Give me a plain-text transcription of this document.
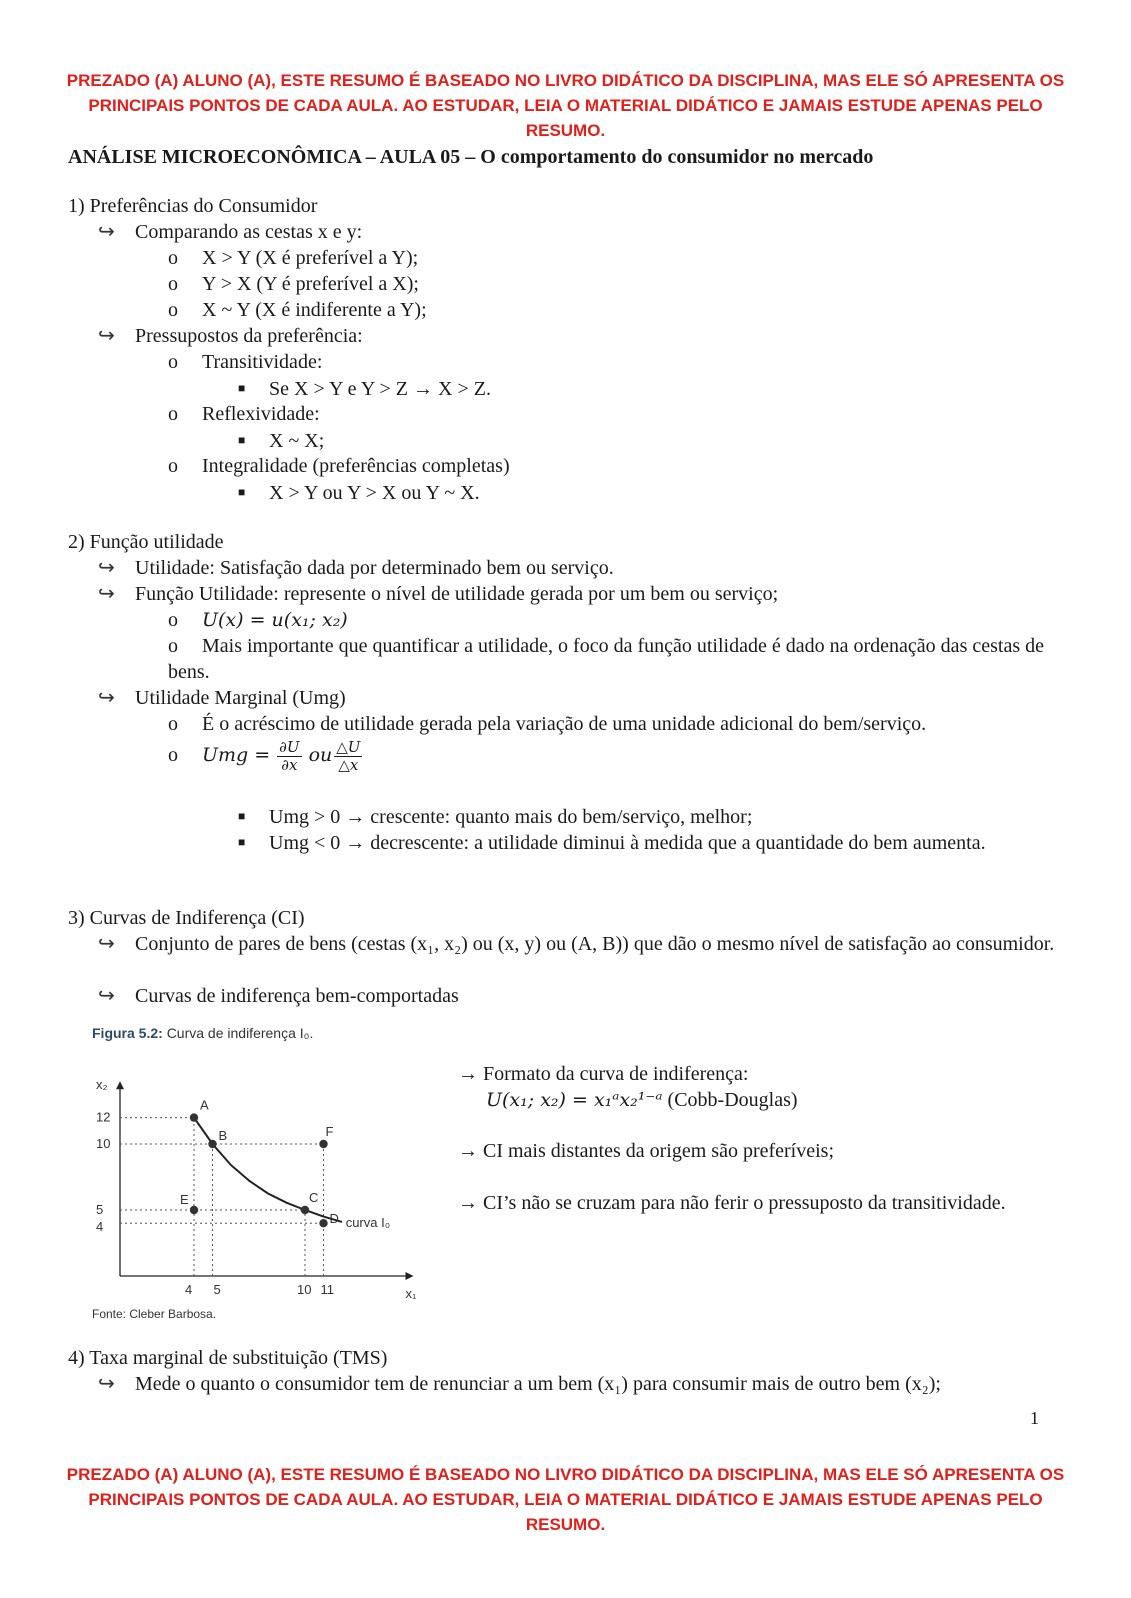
PREZADO (A) ALUNO (A), ESTE RESUMO É BASEADO NO LIVRO DIDÁTICO DA DISCIPLINA, MAS ELE SÓ APRESENTA OS PRINCIPAIS PONTOS DE CADA AULA. AO ESTUDAR, LEIA O MATERIAL DIDÁTICO E JAMAIS ESTUDE APENAS PELO RESUMO.
ANÁLISE MICROECONÔMICA – AULA 05 – O comportamento do consumidor no mercado
1) Preferências do Consumidor
↪ Comparando as cestas x e y:
o X > Y (X é preferível a Y);
o Y > X (Y é preferível a X);
o X ~ Y (X é indiferente a Y);
↪ Pressupostos da preferência:
o Transitividade:
■ Se X > Y e Y > Z → X > Z.
o Reflexividade:
■ X ~ X;
o Integralidade (preferências completas)
■ X > Y ou Y > X ou Y ~ X.
2) Função utilidade
↪ Utilidade: Satisfação dada por determinado bem ou serviço.
↪ Função Utilidade: represente o nível de utilidade gerada por um bem ou serviço;
o U(x) = u(x₁; x₂)
o Mais importante que quantificar a utilidade, o foco da função utilidade é dado na ordenação das cestas de bens.
↪ Utilidade Marginal (Umg)
o É o acréscimo de utilidade gerada pela variação de uma unidade adicional do bem/serviço.
o Umg = $\frac{\partial U}{\partial x}$ ou $\frac{\triangle U}{\triangle x}$
■ Umg > 0 → crescente: quanto mais do bem/serviço, melhor;
■ Umg < 0 → decrescente: a utilidade diminui à medida que a quantidade do bem aumenta.
3) Curvas de Indiferença (CI)
↪ Conjunto de pares de bens (cestas (x₁, x₂) ou (x, y) ou (A, B)) que dão o mesmo nível de satisfação ao consumidor.
↪ Curvas de indiferença bem-comportadas
Figura 5.2: Curva de indiferença I₀.
x₂
x₁
curva I₀
A
B
C
D
E
F
4 5	10 11
4
5
10
12
Fonte: Cleber Barbosa.
→ Formato da curva de indiferença:
U(x₁; x₂) = x₁ᵃx₂¹⁻ᵃ (Cobb-Douglas)
→ CI mais distantes da origem são preferíveis;
→ CI’s não se cruzam para não ferir o pressuposto da transitividade.
4) Taxa marginal de substituição (TMS)
↪ Mede o quanto o consumidor tem de renunciar a um bem (x₁) para consumir mais de outro bem (x₂);
1
PREZADO (A) ALUNO (A), ESTE RESUMO É BASEADO NO LIVRO DIDÁTICO DA DISCIPLINA, MAS ELE SÓ APRESENTA OS PRINCIPAIS PONTOS DE CADA AULA. AO ESTUDAR, LEIA O MATERIAL DIDÁTICO E JAMAIS ESTUDE APENAS PELO RESUMO.
